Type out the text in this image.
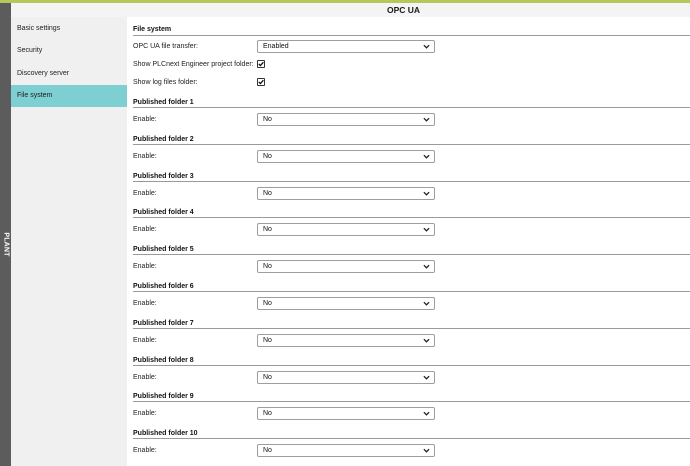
PLANT
OPC UA
Basic settings
Security
Discovery server
File system
File system
OPC UA file transfer:	Enabled
Show PLCnext Engineer project folder:
Show log files folder:
Published folder 1
Enable:	No
Published folder 2
Enable:	No
Published folder 3
Enable:	No
Published folder 4
Enable:	No
Published folder 5
Enable:	No
Published folder 6
Enable:	No
Published folder 7
Enable:	No
Published folder 8
Enable:	No
Published folder 9
Enable:	No
Published folder 10
Enable:	No
